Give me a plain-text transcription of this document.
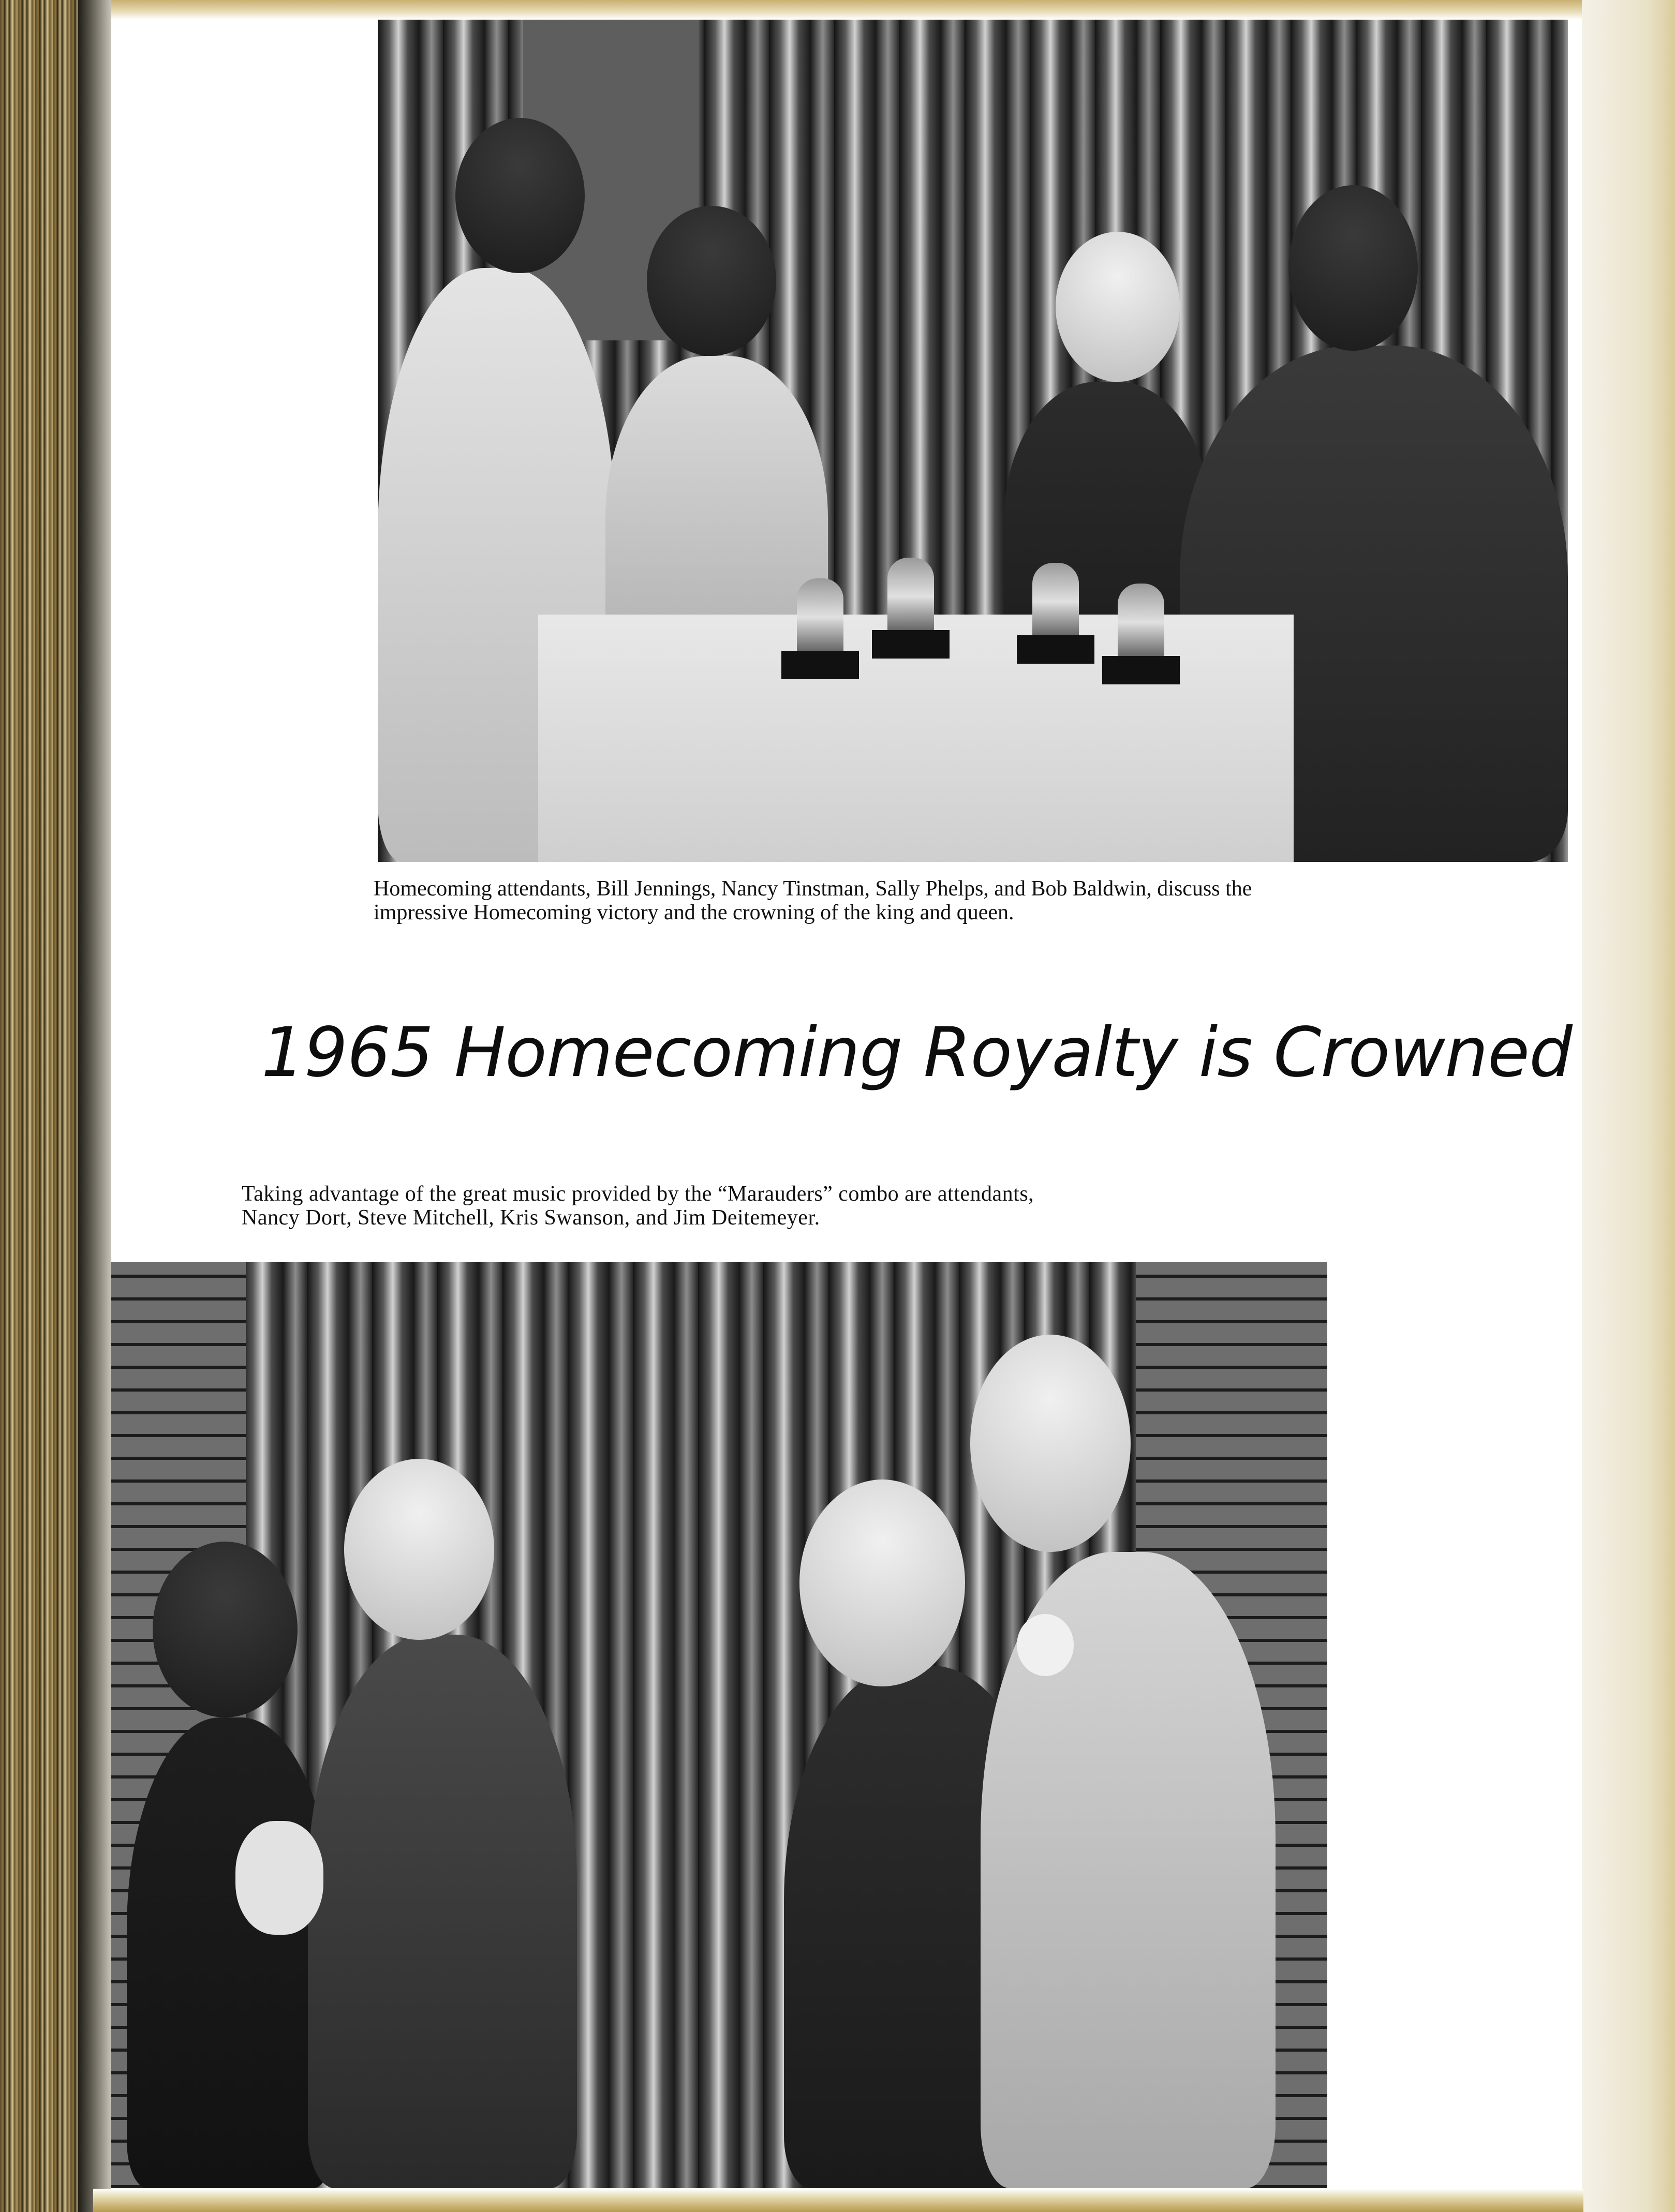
Homecoming attendants, Bill Jennings, Nancy Tinstman, Sally Phelps, and Bob Baldwin, discuss the
impressive Homecoming victory and the crowning of the king and queen.

1965 Homecoming Royalty is Crowned

Taking advantage of the great music provided by the “Marauders” combo are attendants,
Nancy Dort, Steve Mitchell, Kris Swanson, and Jim Deitemeyer.
